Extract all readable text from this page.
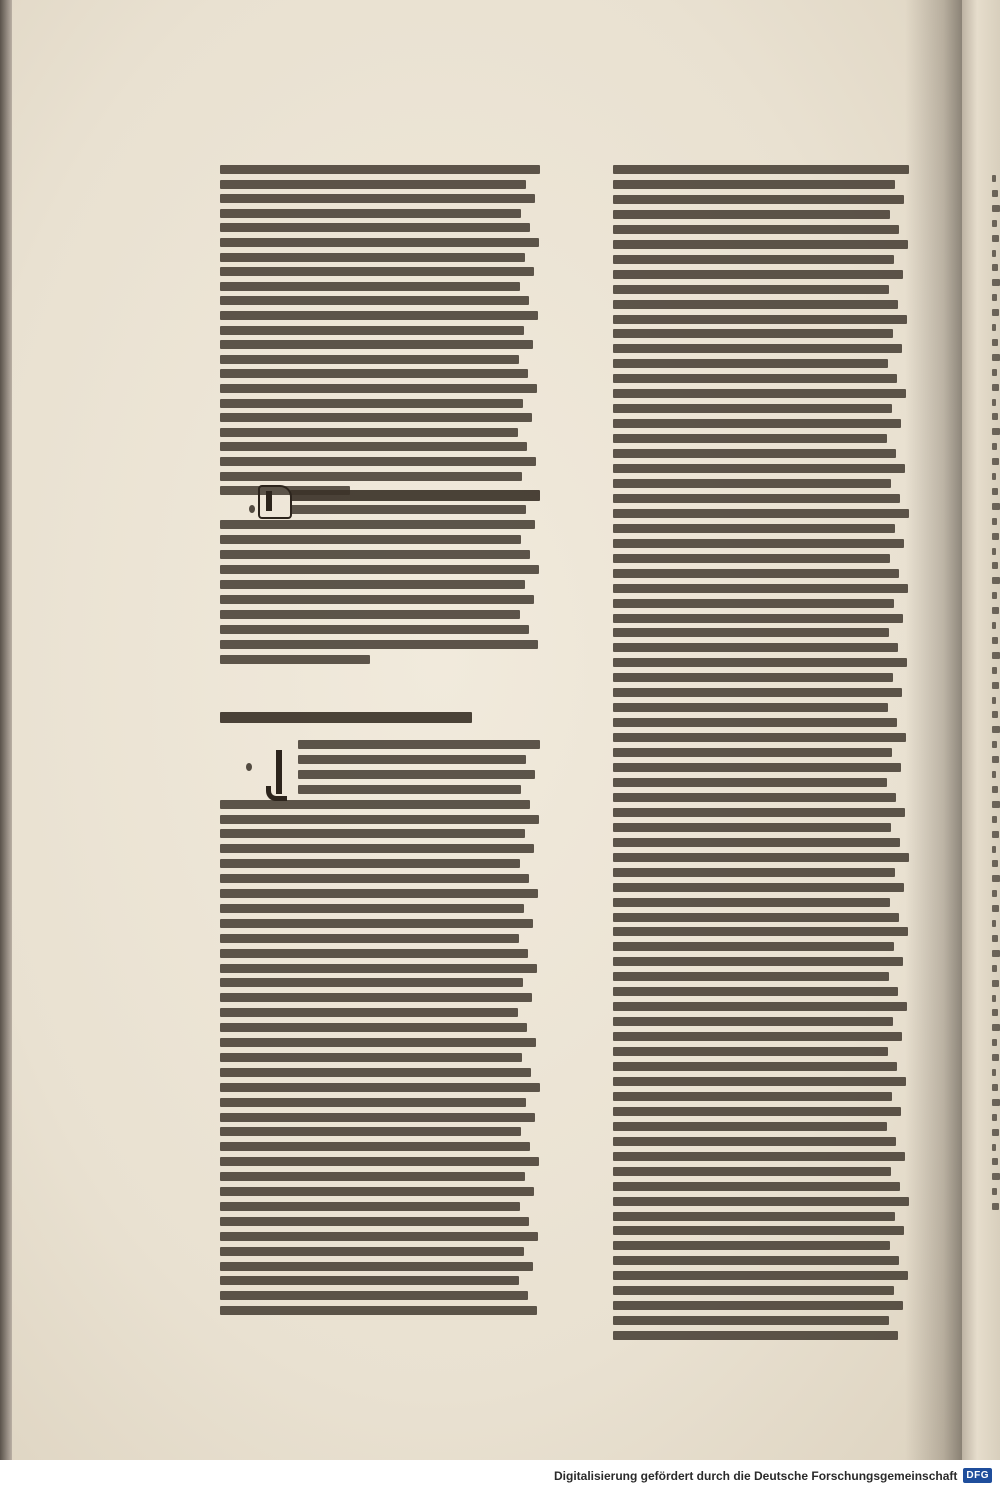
Digitalisierung gefördert durch die Deutsche Forschungsgemeinschaft DFG
